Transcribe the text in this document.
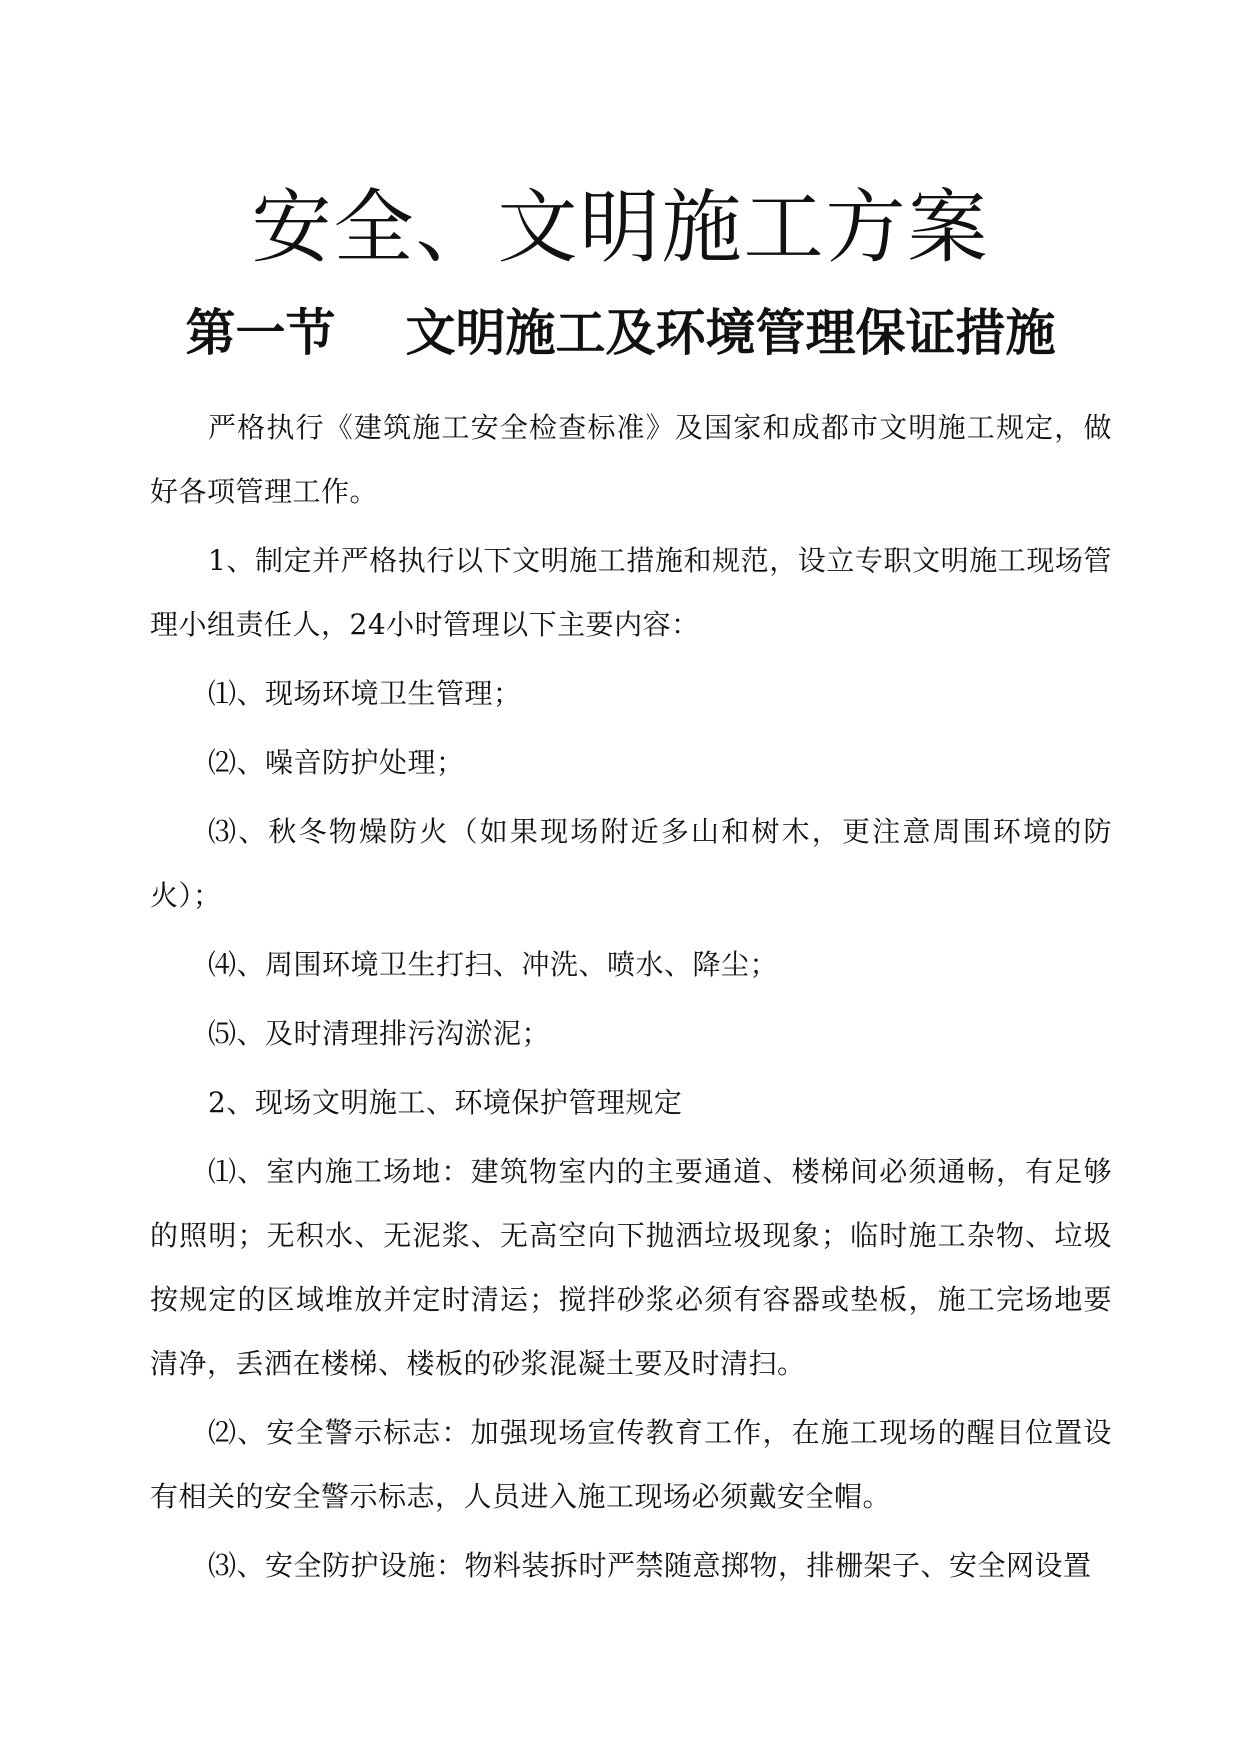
安全、文明施工方案
第一节 文明施工及环境管理保证措施

严格执行《建筑施工安全检查标准》及国家和成都市文明施工规定，做好各项管理工作。

1、制定并严格执行以下文明施工措施和规范，设立专职文明施工现场管理小组责任人，24小时管理以下主要内容：

⑴、现场环境卫生管理；

⑵、噪音防护处理；

⑶、秋冬物燥防火（如果现场附近多山和树木，更注意周围环境的防火）；

⑷、周围环境卫生打扫、冲洗、喷水、降尘；

⑸、及时清理排污沟淤泥；

2、现场文明施工、环境保护管理规定

⑴、室内施工场地：建筑物室内的主要通道、楼梯间必须通畅，有足够的照明；无积水、无泥浆、无高空向下抛洒垃圾现象；临时施工杂物、垃圾按规定的区域堆放并定时清运；搅拌砂浆必须有容器或垫板，施工完场地要清净，丢洒在楼梯、楼板的砂浆混凝土要及时清扫。

⑵、安全警示标志：加强现场宣传教育工作，在施工现场的醒目位置设有相关的安全警示标志，人员进入施工现场必须戴安全帽。

⑶、安全防护设施：物料装拆时严禁随意掷物，排栅架子、安全网设置
